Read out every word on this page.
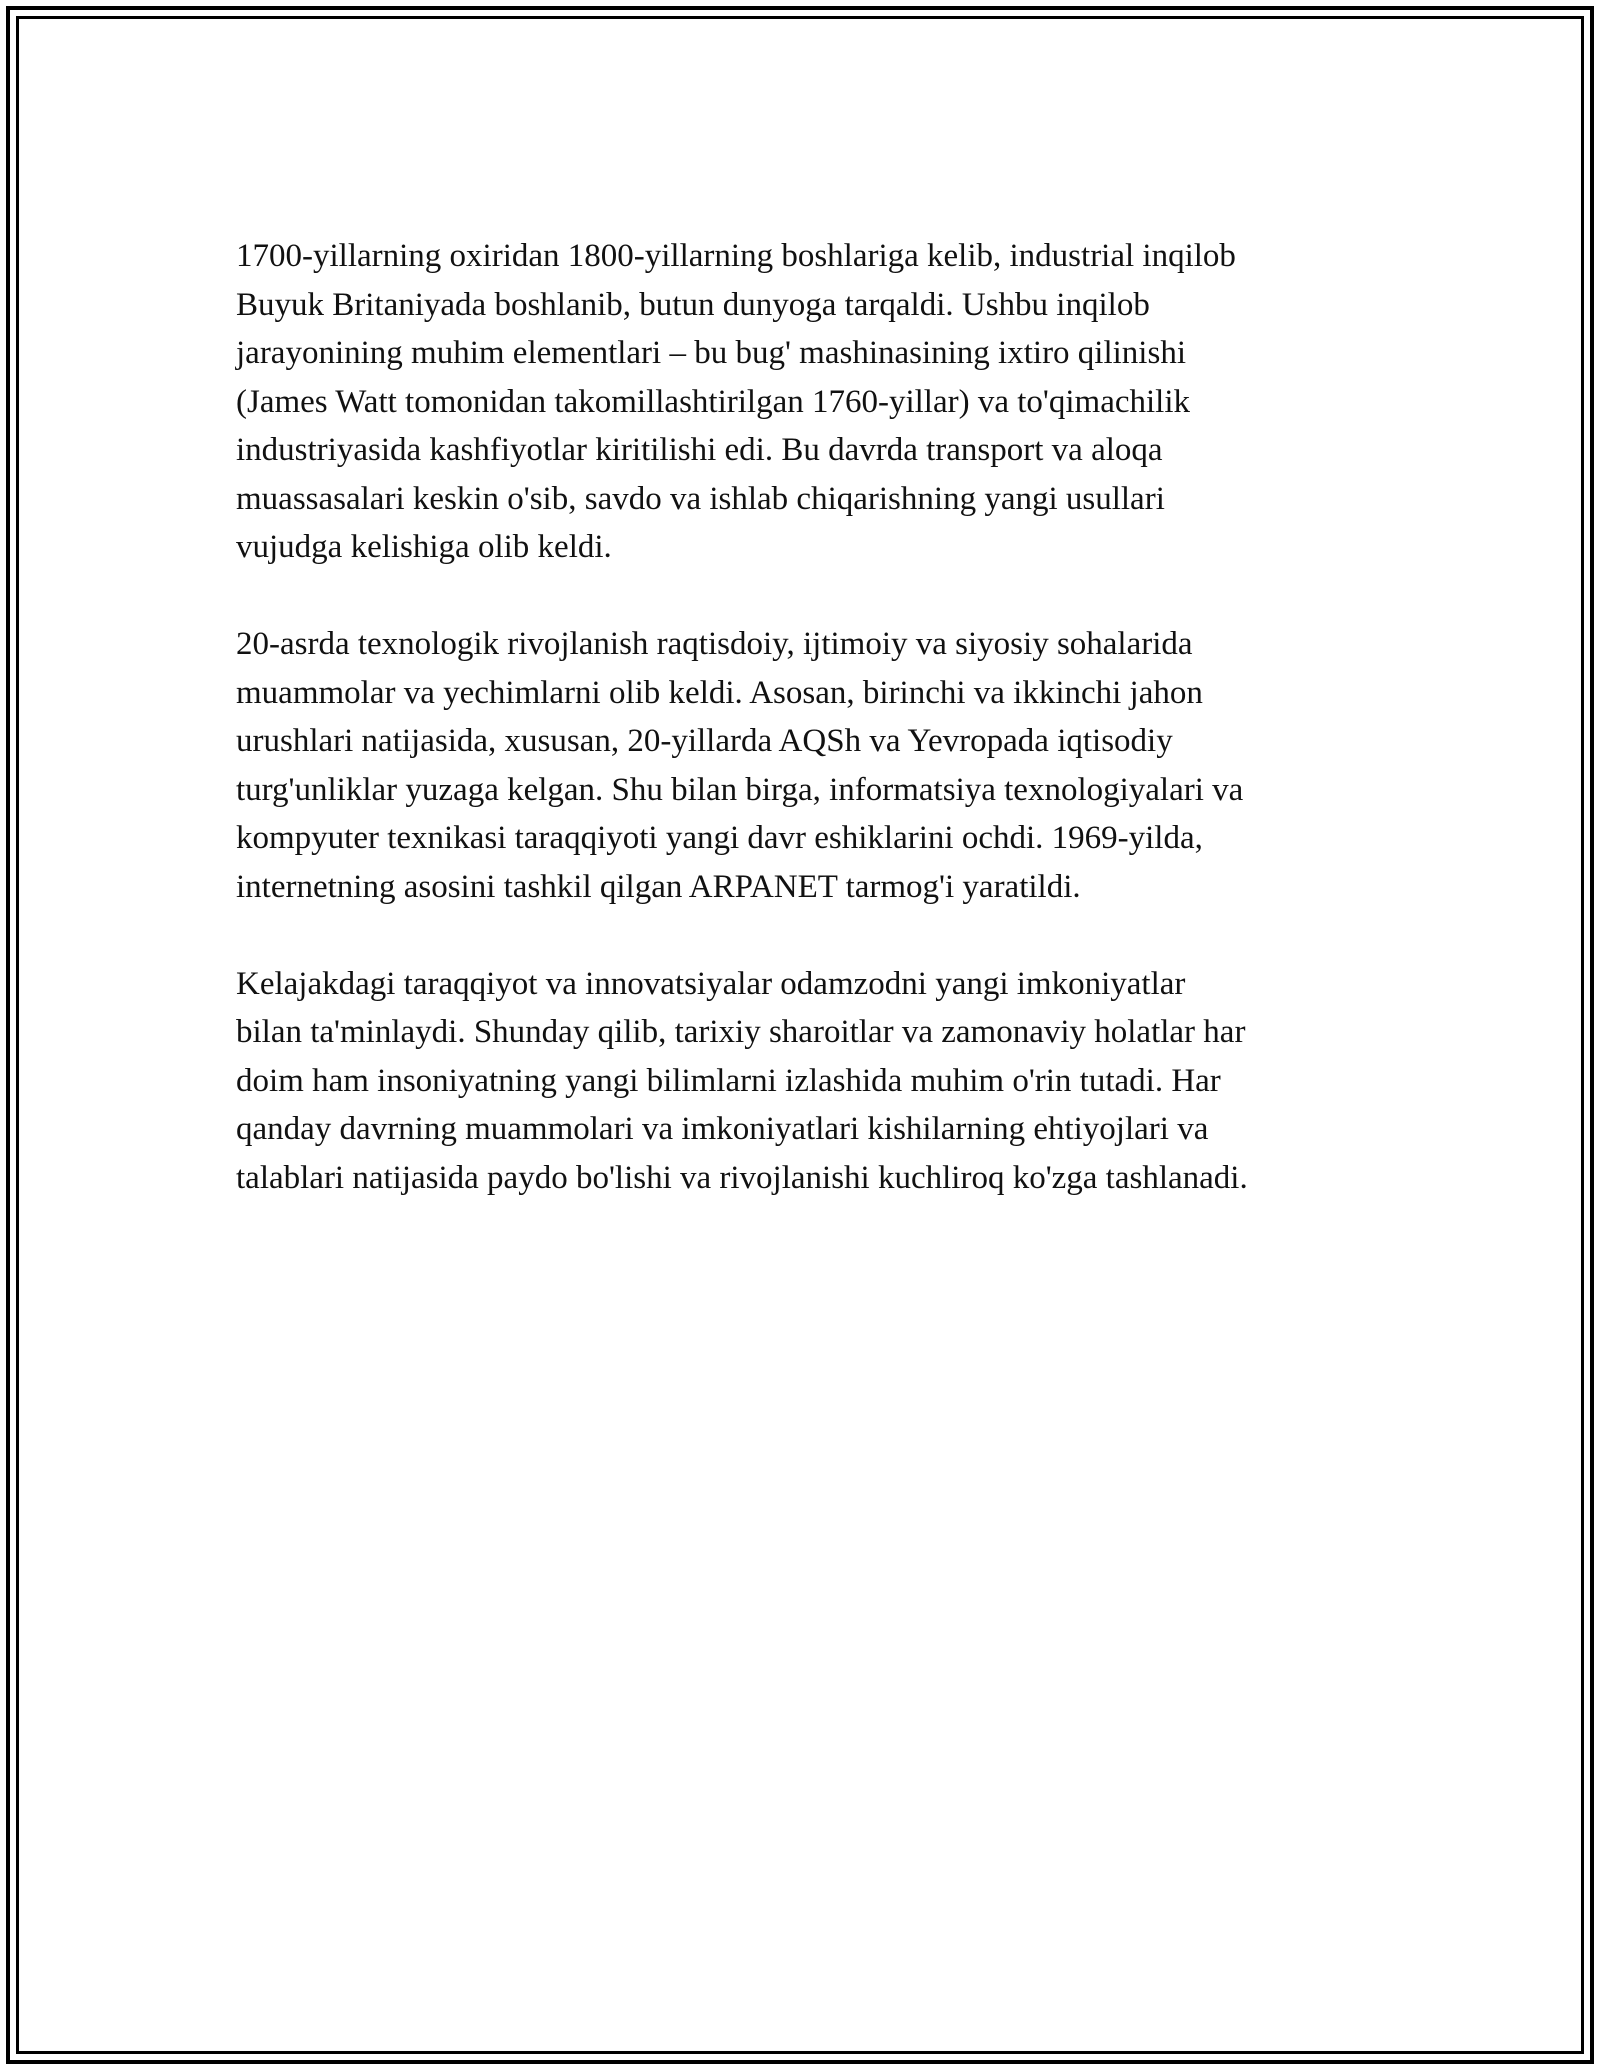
1700-yillarning oxiridan 1800-yillarning boshlariga kelib, industrial inqilob
Buyuk Britaniyada boshlanib, butun dunyoga tarqaldi. Ushbu inqilob
jarayonining muhim elementlari – bu bug' mashinasining ixtiro qilinishi
(James Watt tomonidan takomillashtirilgan 1760-yillar) va to'qimachilik
industriyasida kashfiyotlar kiritilishi edi. Bu davrda transport va aloqa
muassasalari keskin o'sib, savdo va ishlab chiqarishning yangi usullari
vujudga kelishiga olib keldi.

20-asrda texnologik rivojlanish raqtisdoiy, ijtimoiy va siyosiy sohalarida
muammolar va yechimlarni olib keldi. Asosan, birinchi va ikkinchi jahon
urushlari natijasida, xususan, 20-yillarda AQSh va Yevropada iqtisodiy
turg'unliklar yuzaga kelgan. Shu bilan birga, informatsiya texnologiyalari va
kompyuter texnikasi taraqqiyoti yangi davr eshiklarini ochdi. 1969-yilda,
internetning asosini tashkil qilgan ARPANET tarmog'i yaratildi.

Kelajakdagi taraqqiyot va innovatsiyalar odamzodni yangi imkoniyatlar
bilan ta'minlaydi. Shunday qilib, tarixiy sharoitlar va zamonaviy holatlar har
doim ham insoniyatning yangi bilimlarni izlashida muhim o'rin tutadi. Har
qanday davrning muammolari va imkoniyatlari kishilarning ehtiyojlari va
talablari natijasida paydo bo'lishi va rivojlanishi kuchliroq ko'zga tashlanadi.
